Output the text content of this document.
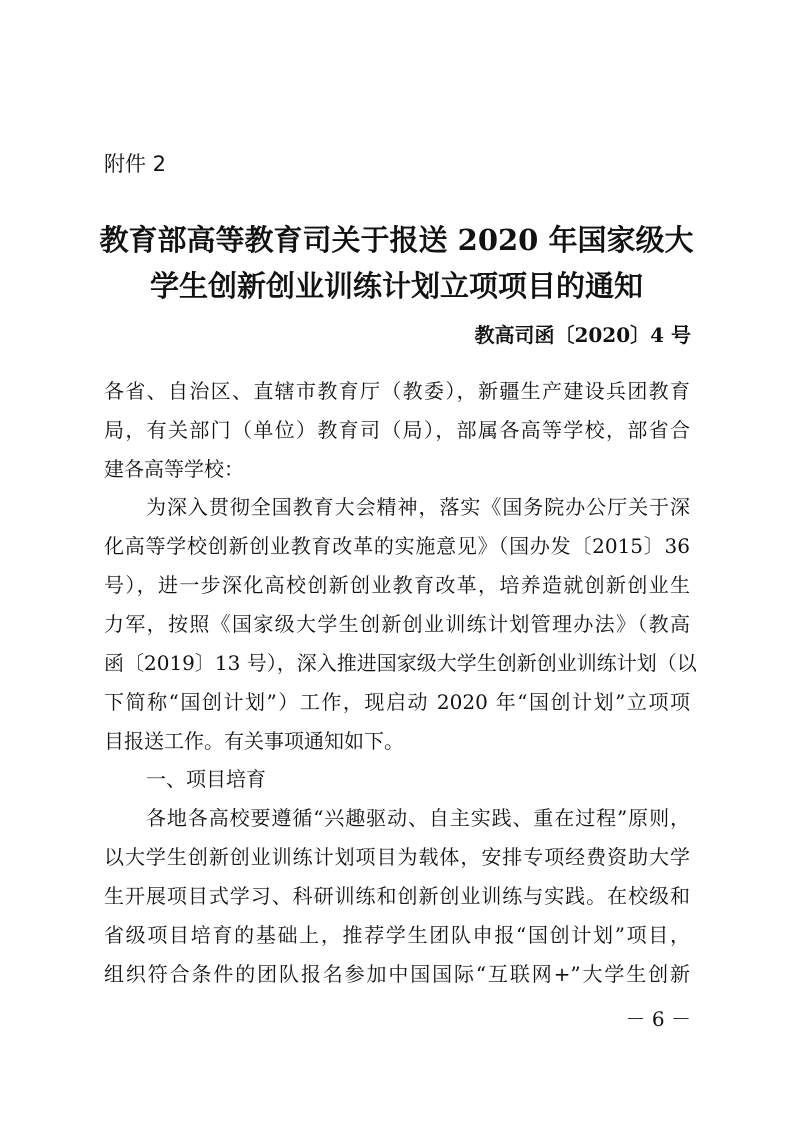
附件 2
教育部高等教育司关于报送 2020 年国家级大
学生创新创业训练计划立项项目的通知
教高司函〔2020〕4 号
各省、自治区、直辖市教育厅（教委），新疆生产建设兵团教育
局，有关部门（单位）教育司（局），部属各高等学校，部省合
建各高等学校：
为深入贯彻全国教育大会精神，落实《国务院办公厅关于深
化高等学校创新创业教育改革的实施意见》（国办发〔2015〕36
号），进一步深化高校创新创业教育改革，培养造就创新创业生
力军，按照《国家级大学生创新创业训练计划管理办法》（教高
函〔2019〕13 号），深入推进国家级大学生创新创业训练计划（以
下简称“国创计划”）工作，现启动 2020 年“国创计划”立项项
目报送工作。有关事项通知如下。
一、项目培育
各地各高校要遵循“兴趣驱动、自主实践、重在过程”原则，
以大学生创新创业训练计划项目为载体，安排专项经费资助大学
生开展项目式学习、科研训练和创新创业训练与实践。在校级和
省级项目培育的基础上，推荐学生团队申报“国创计划”项目，
组织符合条件的团队报名参加中国国际“互联网+”大学生创新
－ 6 －
